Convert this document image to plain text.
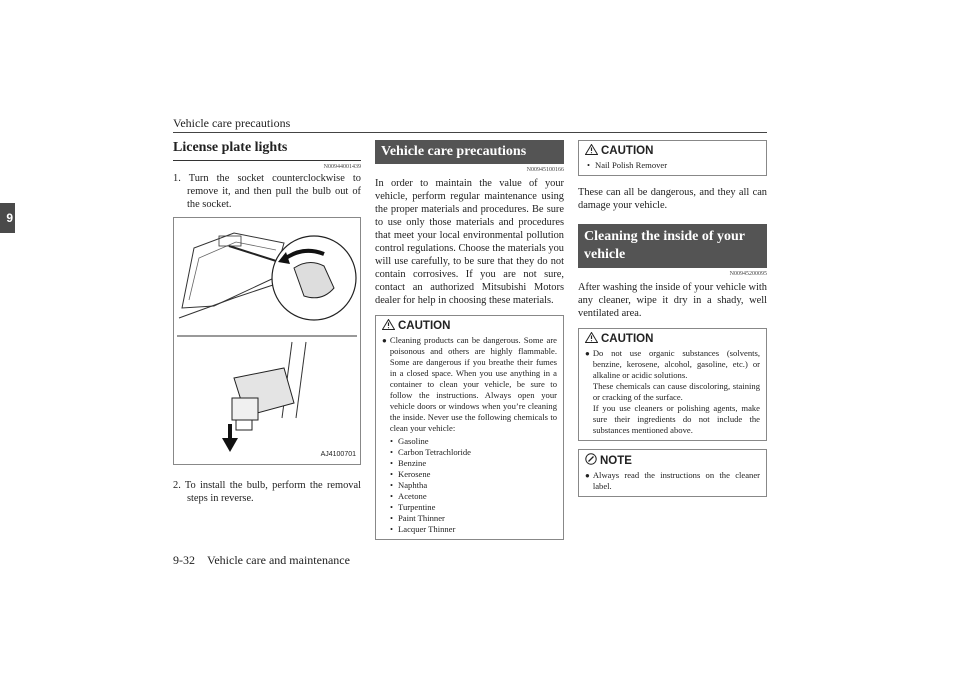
Vehicle care precautions
9
License plate lights
N00944001439
1. Turn the socket counterclockwise to remove it, and then pull the bulb out of the socket.
AJ4100701
2. To install the bulb, perform the removal steps in reverse.
Vehicle care precautions
N00945100166
In order to maintain the value of your vehicle, perform regular maintenance using the proper materials and procedures. Be sure to use only those materials and procedures that meet your local environmental pollution control regulations. Choose the materials you will use carefully, to be sure that they do not contain corrosives. If you are not sure, contact an authorized Mitsubishi Motors dealer for help in choosing these materials.
CAUTION
● Cleaning products can be dangerous. Some are poisonous and others are highly flammable. Some are dangerous if you breathe their fumes in a closed space. When you use anything in a container to clean your vehicle, be sure to follow the instructions. Always open your vehicle doors or windows when you’re cleaning the inside. Never use the following chemicals to clean your vehicle:
• Gasoline
• Carbon Tetrachloride
• Benzine
• Kerosene
• Naphtha
• Acetone
• Turpentine
• Paint Thinner
• Lacquer Thinner
CAUTION
• Nail Polish Remover
These can all be dangerous, and they all can damage your vehicle.
Cleaning the inside of your vehicle
N00945200095
After washing the inside of your vehicle with any cleaner, wipe it dry in a shady, well ventilated area.
CAUTION
● Do not use organic substances (solvents, benzine, kerosene, alcohol, gasoline, etc.) or alkaline or acidic solutions.
These chemicals can cause discoloring, staining or cracking of the surface.
If you use cleaners or polishing agents, make sure their ingredients do not include the substances mentioned above.
NOTE
● Always read the instructions on the cleaner label.
9-32 Vehicle care and maintenance
